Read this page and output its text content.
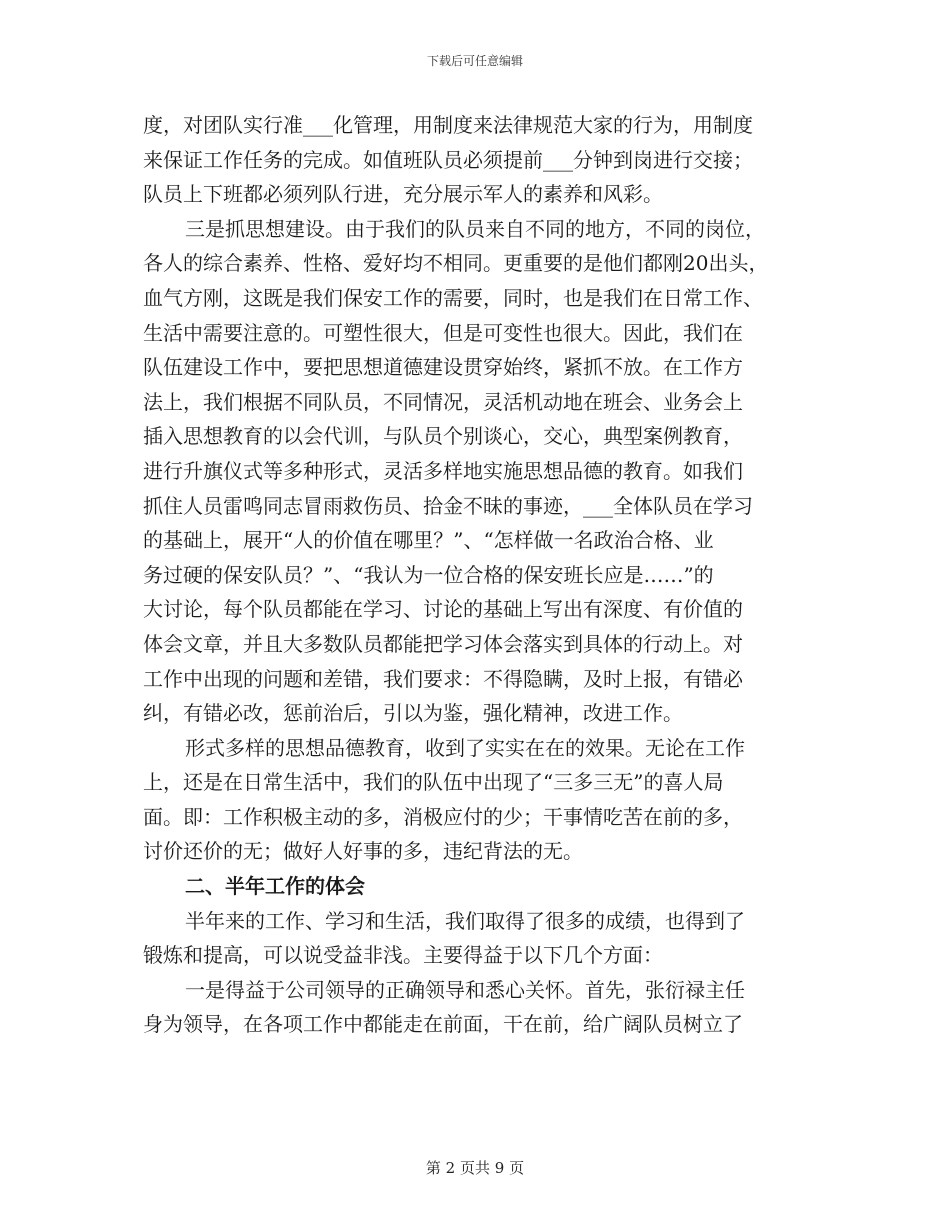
下载后可任意编辑
度，对团队实行准___化管理，用制度来法律规范大家的行为，用制度
来保证工作任务的完成。如值班队员必须提前___分钟到岗进行交接；
队员上下班都必须列队行进，充分展示军人的素养和风彩。
三是抓思想建设。由于我们的队员来自不同的地方，不同的岗位，
各人的综合素养、性格、爱好均不相同。更重要的是他们都刚20出头，
血气方刚，这既是我们保安工作的需要，同时，也是我们在日常工作、
生活中需要注意的。可塑性很大，但是可变性也很大。因此，我们在
队伍建设工作中，要把思想道德建设贯穿始终，紧抓不放。在工作方
法上，我们根据不同队员，不同情况，灵活机动地在班会、业务会上
插入思想教育的以会代训，与队员个别谈心，交心，典型案例教育，
进行升旗仪式等多种形式，灵活多样地实施思想品德的教育。如我们
抓住人员雷鸣同志冒雨救伤员、拾金不昧的事迹，___全体队员在学习
的基础上，展开“人的价值在哪里？”、“怎样做一名政治合格、业
务过硬的保安队员？”、“我认为一位合格的保安班长应是……”的
大讨论，每个队员都能在学习、讨论的基础上写出有深度、有价值的
体会文章，并且大多数队员都能把学习体会落实到具体的行动上。对
工作中出现的问题和差错，我们要求：不得隐瞒，及时上报，有错必
纠，有错必改，惩前治后，引以为鉴，强化精神，改进工作。
形式多样的思想品德教育，收到了实实在在的效果。无论在工作
上，还是在日常生活中，我们的队伍中出现了“三多三无”的喜人局
面。即：工作积极主动的多，消极应付的少；干事情吃苦在前的多，
讨价还价的无；做好人好事的多，违纪背法的无。
二、半年工作的体会
半年来的工作、学习和生活，我们取得了很多的成绩，也得到了
锻炼和提高，可以说受益非浅。主要得益于以下几个方面：
一是得益于公司领导的正确领导和悉心关怀。首先，张衍禄主任
身为领导，在各项工作中都能走在前面，干在前，给广阔队员树立了
第 2 页共 9 页
